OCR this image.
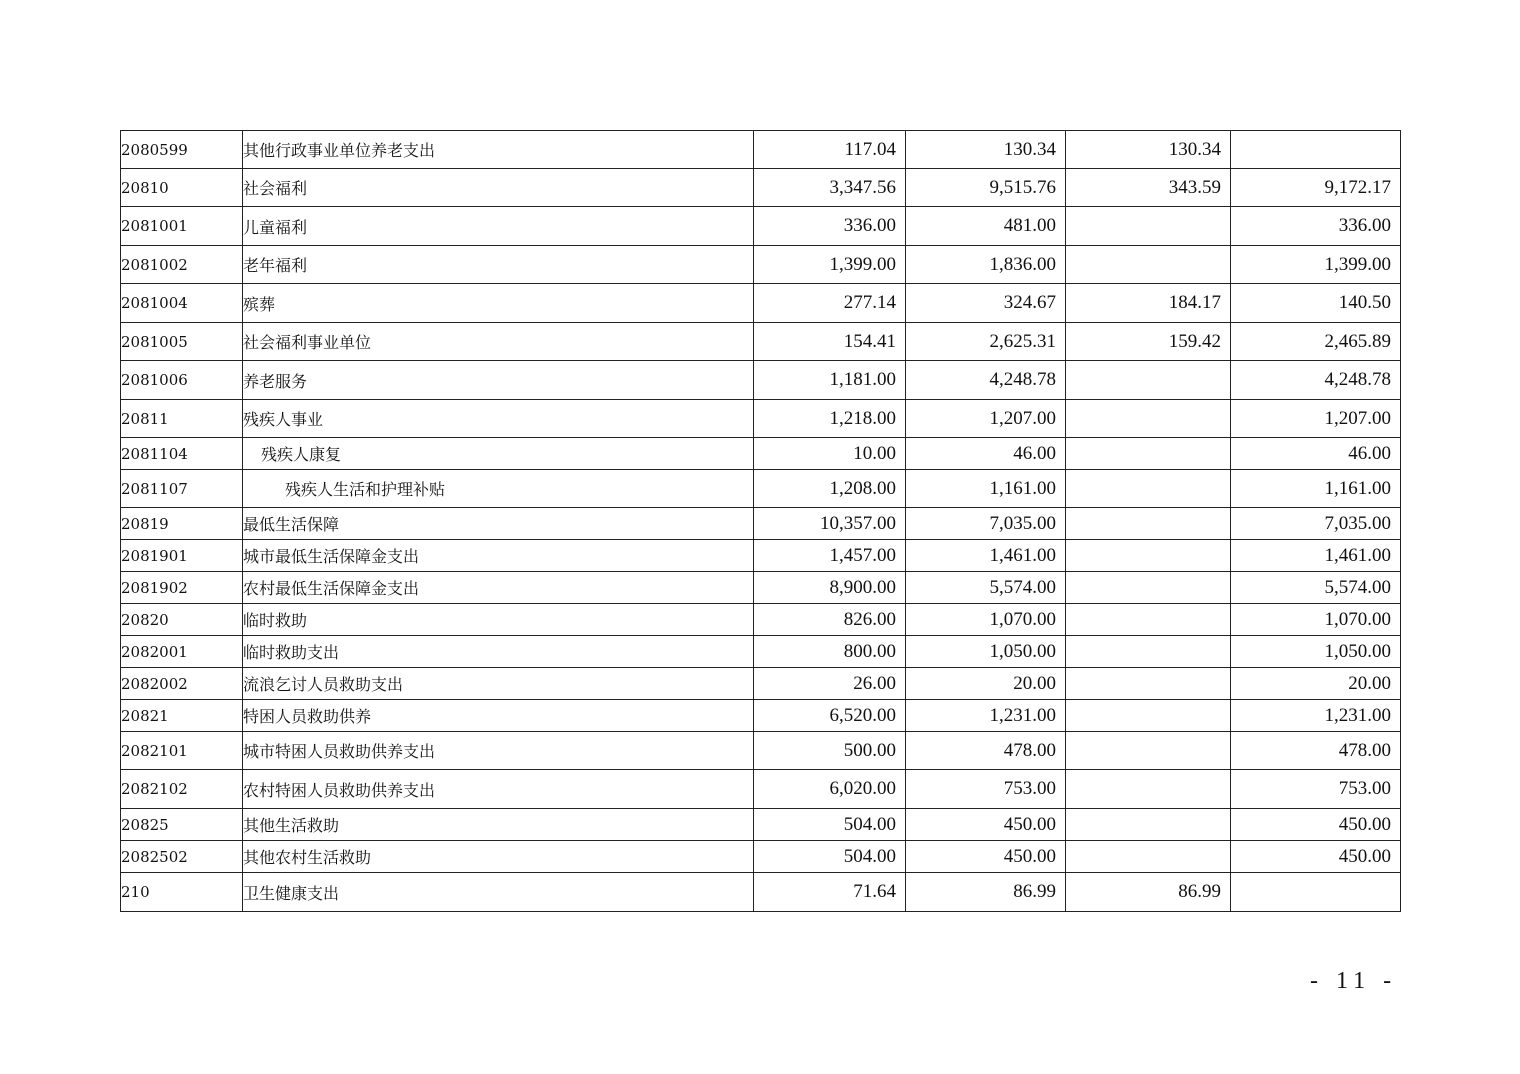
2080599	其他行政事业单位养老支出	117.04	130.34	130.34	
20810	社会福利	3,347.56	9,515.76	343.59	9,172.17
2081001	儿童福利	336.00	481.00		336.00
2081002	老年福利	1,399.00	1,836.00		1,399.00
2081004	殡葬	277.14	324.67	184.17	140.50
2081005	社会福利事业单位	154.41	2,625.31	159.42	2,465.89
2081006	养老服务	1,181.00	4,248.78		4,248.78
20811	残疾人事业	1,218.00	1,207.00		1,207.00
2081104	残疾人康复	10.00	46.00		46.00
2081107	残疾人生活和护理补贴	1,208.00	1,161.00		1,161.00
20819	最低生活保障	10,357.00	7,035.00		7,035.00
2081901	城市最低生活保障金支出	1,457.00	1,461.00		1,461.00
2081902	农村最低生活保障金支出	8,900.00	5,574.00		5,574.00
20820	临时救助	826.00	1,070.00		1,070.00
2082001	临时救助支出	800.00	1,050.00		1,050.00
2082002	流浪乞讨人员救助支出	26.00	20.00		20.00
20821	特困人员救助供养	6,520.00	1,231.00		1,231.00
2082101	城市特困人员救助供养支出	500.00	478.00		478.00
2082102	农村特困人员救助供养支出	6,020.00	753.00		753.00
20825	其他生活救助	504.00	450.00		450.00
2082502	其他农村生活救助	504.00	450.00		450.00
210	卫生健康支出	71.64	86.99	86.99	
- 11 -
